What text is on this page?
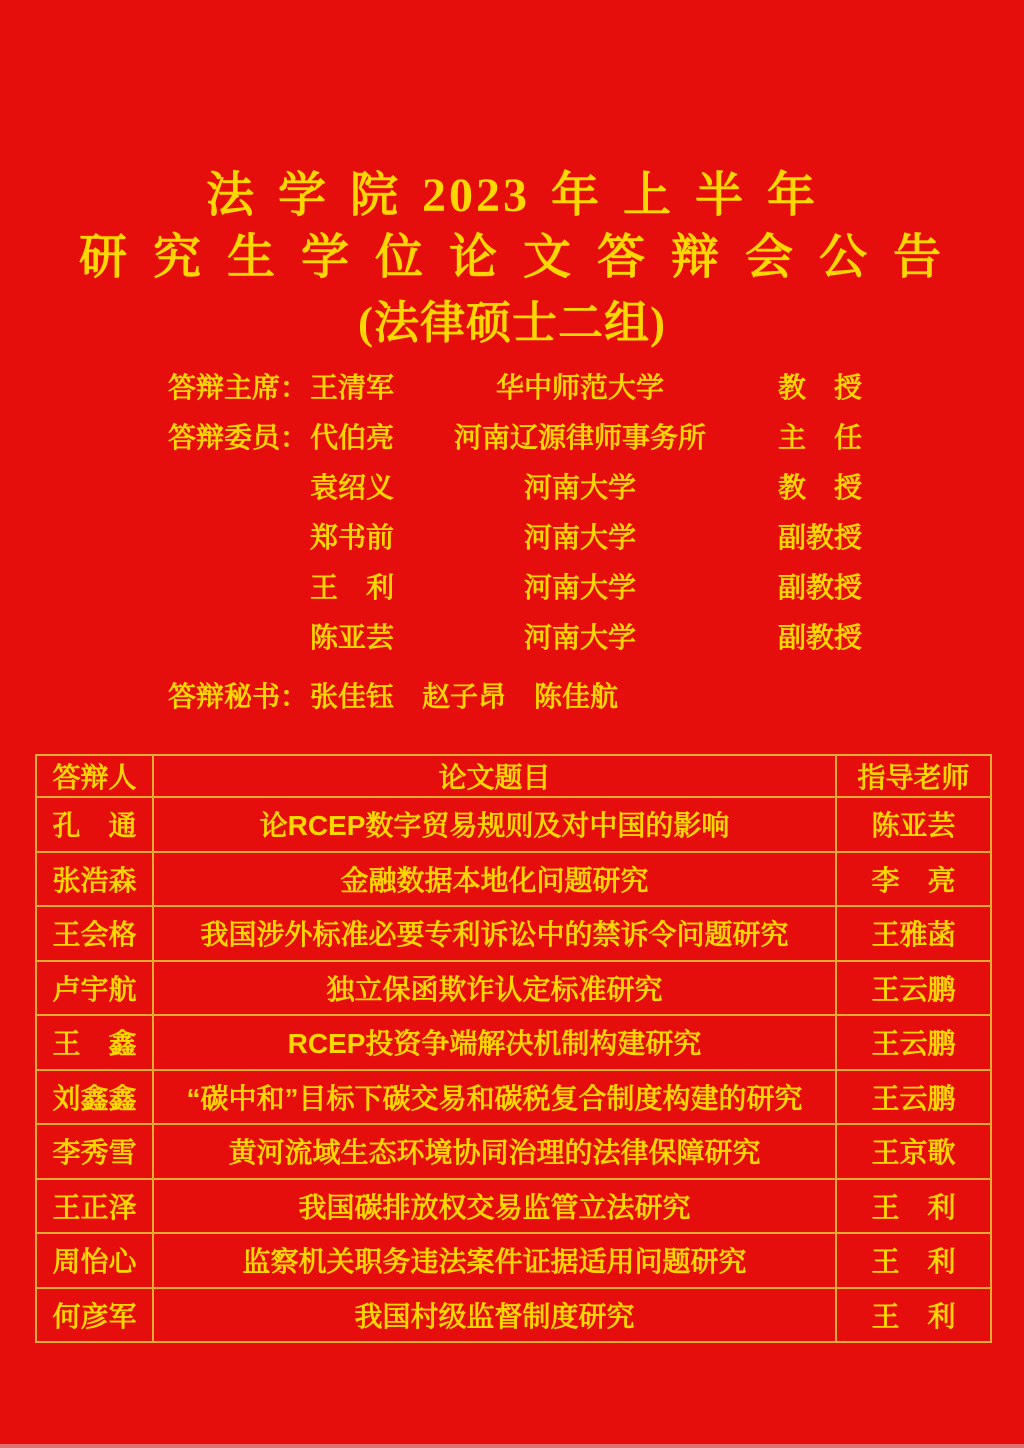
法 学 院 2023 年 上 半 年
研 究 生 学 位 论 文 答 辩 会 公 告
(法律硕士二组)
答辩主席： 王清军	华中师范大学	教　授
答辩委员： 代伯亮	河南辽源律师事务所	主　任
袁绍义	河南大学	教　授
郑书前	河南大学	副教授
王　利	河南大学	副教授
陈亚芸	河南大学	副教授
答辩秘书： 张佳钰　赵子昂　陈佳航
答辩人	论文题目	指导老师
孔　通	论RCEP数字贸易规则及对中国的影响	陈亚芸
张浩森	金融数据本地化问题研究	李　亮
王会格	我国涉外标准必要专利诉讼中的禁诉令问题研究	王雅菡
卢宇航	独立保函欺诈认定标准研究	王云鹏
王　鑫	RCEP投资争端解决机制构建研究	王云鹏
刘鑫鑫	“碳中和”目标下碳交易和碳税复合制度构建的研究	王云鹏
李秀雪	黄河流域生态环境协同治理的法律保障研究	王京歌
王正泽	我国碳排放权交易监管立法研究	王　利
周怡心	监察机关职务违法案件证据适用问题研究	王　利
何彦军	我国村级监督制度研究	王　利
